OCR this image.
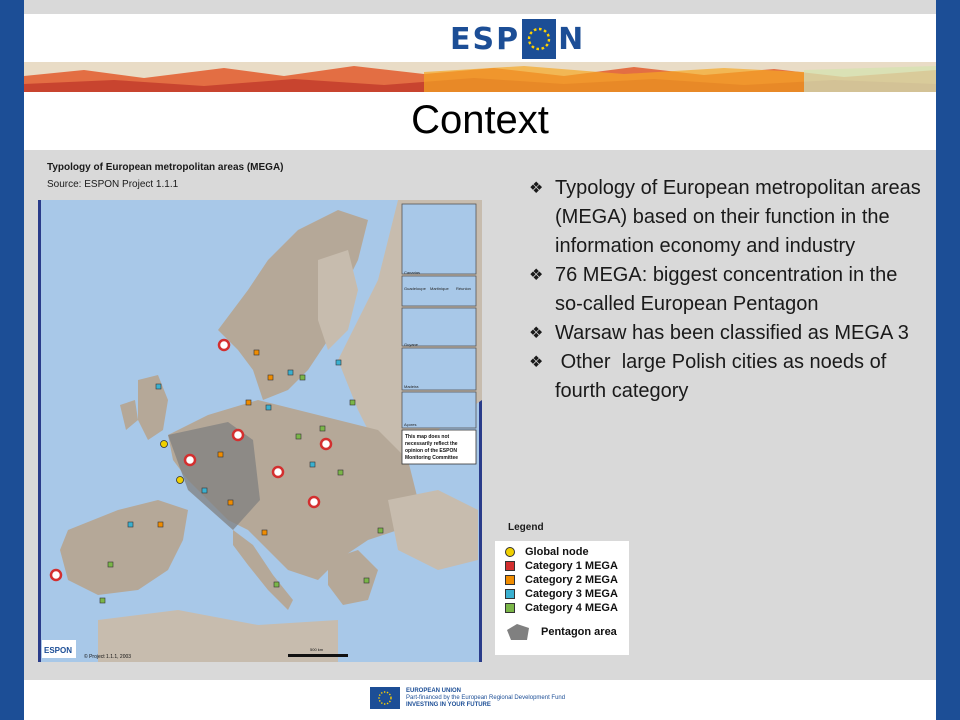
ESP N
Context
Typology of European metropolitan areas (MEGA)
Source: ESPON Project 1.1.1
Canarias
Guadeloupe Martinique Réunion
Guyane
Madeira
Açores
This map does not
necessarily reflect the
opinion of the ESPON
Monitoring Committee
ESPON
© Project 1.1.1, 2003
500 km
❖ Typology of European metropolitan areas (MEGA) based on their function in the information economy and industry
❖ 76 MEGA: biggest concentration in the so-called European Pentagon
❖ Warsaw has been classified as MEGA 3
❖ Other  large Polish cities as noeds of fourth category
Legend
Global node
Category 1 MEGA
Category 2 MEGA
Category 3 MEGA
Category 4 MEGA
Pentagon area
EUROPEAN UNION
Part-financed by the European Regional Development Fund
INVESTING IN YOUR FUTURE
